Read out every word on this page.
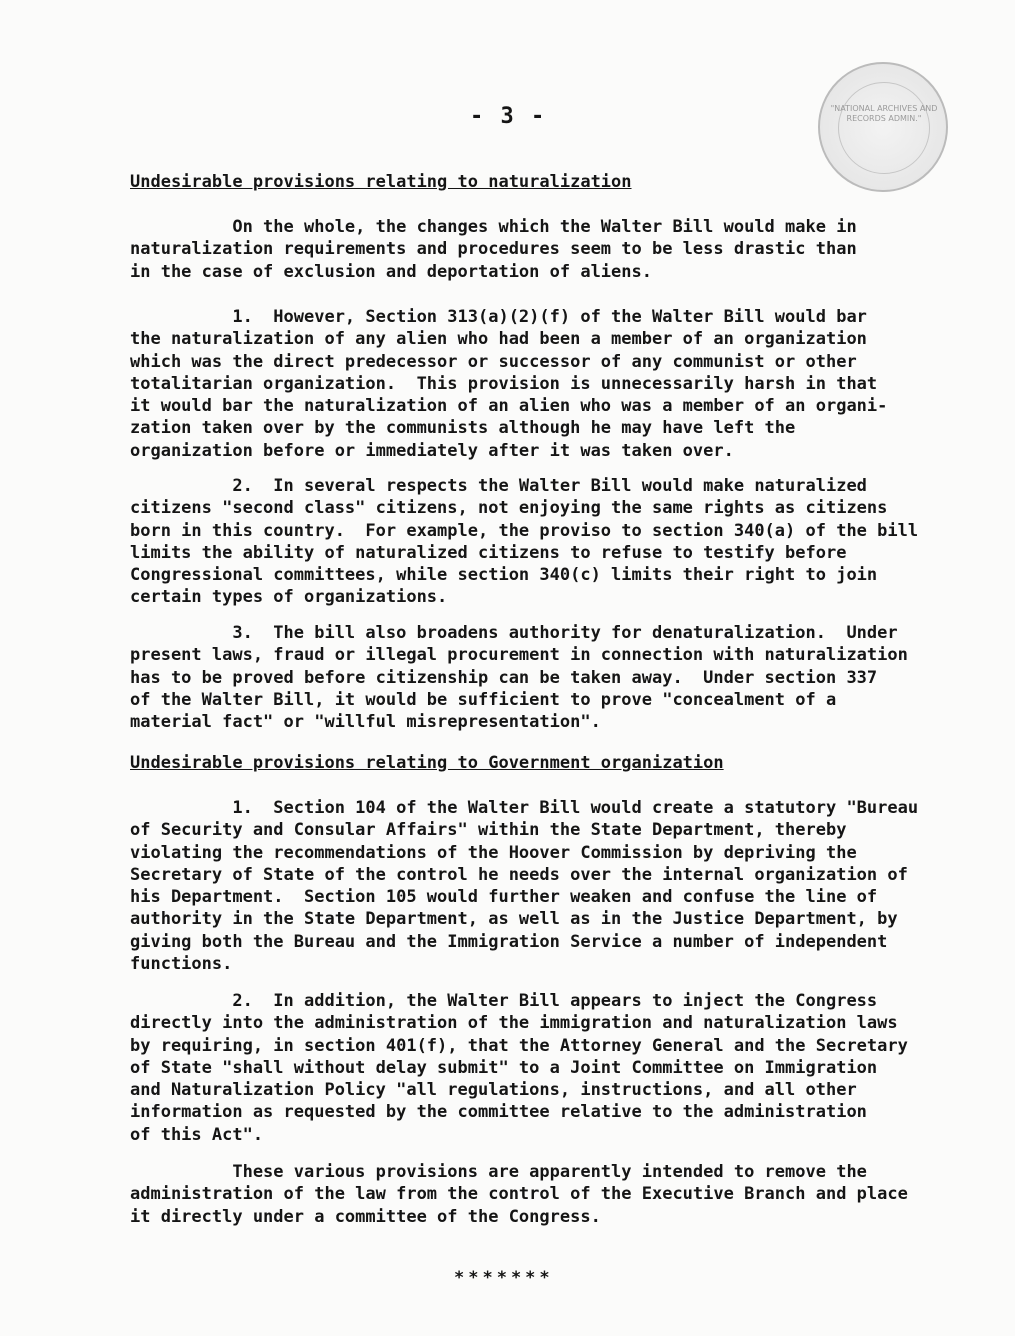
- 3 -	"NATIONAL ARCHIVES AND RECORDS ADMIN."
Undesirable provisions relating to naturalization

On the whole, the changes which the Walter Bill would make in
naturalization requirements and procedures seem to be less drastic than
in the case of exclusion and deportation of aliens.

1.  However, Section 313(a)(2)(f) of the Walter Bill would bar
the naturalization of any alien who had been a member of an organization
which was the direct predecessor or successor of any communist or other
totalitarian organization.  This provision is unnecessarily harsh in that
it would bar the naturalization of an alien who was a member of an organi-
zation taken over by the communists although he may have left the
organization before or immediately after it was taken over.

2.  In several respects the Walter Bill would make naturalized
citizens "second class" citizens, not enjoying the same rights as citizens
born in this country.  For example, the proviso to section 340(a) of the bill
limits the ability of naturalized citizens to refuse to testify before
Congressional committees, while section 340(c) limits their right to join
certain types of organizations.

3.  The bill also broadens authority for denaturalization.  Under
present laws, fraud or illegal procurement in connection with naturalization
has to be proved before citizenship can be taken away.  Under section 337
of the Walter Bill, it would be sufficient to prove "concealment of a
material fact" or "willful misrepresentation".

Undesirable provisions relating to Government organization

1.  Section 104 of the Walter Bill would create a statutory "Bureau
of Security and Consular Affairs" within the State Department, thereby
violating the recommendations of the Hoover Commission by depriving the
Secretary of State of the control he needs over the internal organization of
his Department.  Section 105 would further weaken and confuse the line of
authority in the State Department, as well as in the Justice Department, by
giving both the Bureau and the Immigration Service a number of independent
functions.

2.  In addition, the Walter Bill appears to inject the Congress
directly into the administration of the immigration and naturalization laws
by requiring, in section 401(f), that the Attorney General and the Secretary
of State "shall without delay submit" to a Joint Committee on Immigration
and Naturalization Policy "all regulations, instructions, and all other
information as requested by the committee relative to the administration
of this Act".

These various provisions are apparently intended to remove the
administration of the law from the control of the Executive Branch and place
it directly under a committee of the Congress.

*******
